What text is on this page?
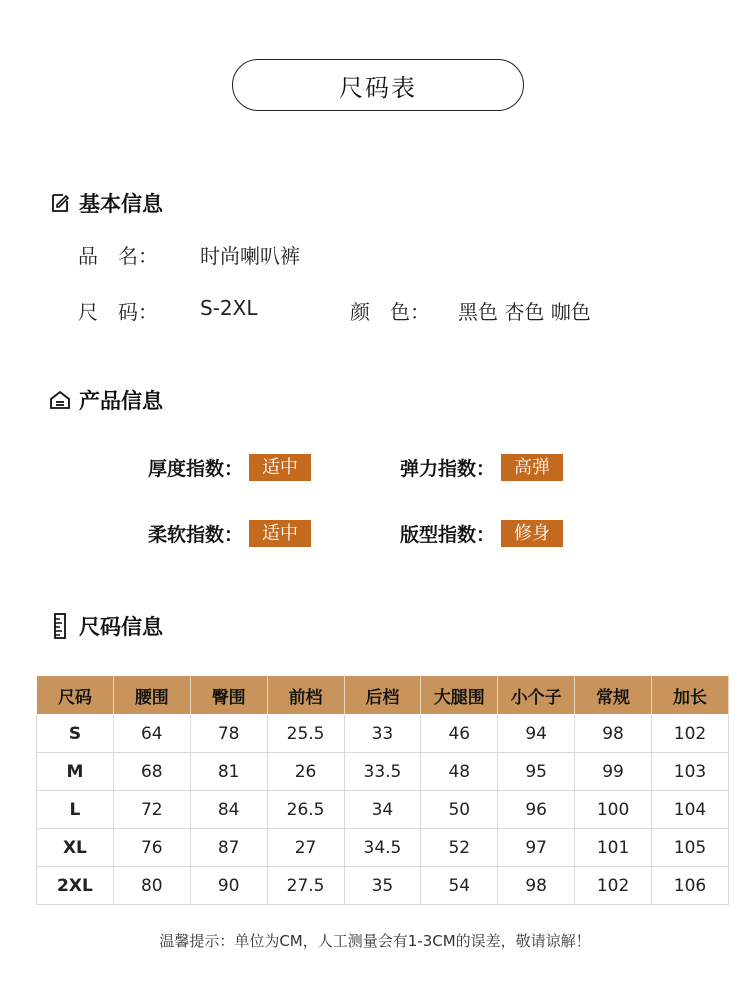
尺码表
基本信息
品　名： 时尚喇叭裤
尺　码： S-2XL	颜　色： 黑色 杏色 咖色
产品信息
厚度指数：	适中	弹力指数：	高弹
柔软指数：	适中	版型指数：	修身
尺码信息
尺码	腰围	臀围	前档	后档	大腿围	小个子	常规	加长
S	64	78	25.5	33	46	94	98	102
M	68	81	26	33.5	48	95	99	103
L	72	84	26.5	34	50	96	100	104
XL	76	87	27	34.5	52	97	101	105
2XL	80	90	27.5	35	54	98	102	106
温馨提示：单位为CM，人工测量会有1-3CM的误差，敬请谅解！
